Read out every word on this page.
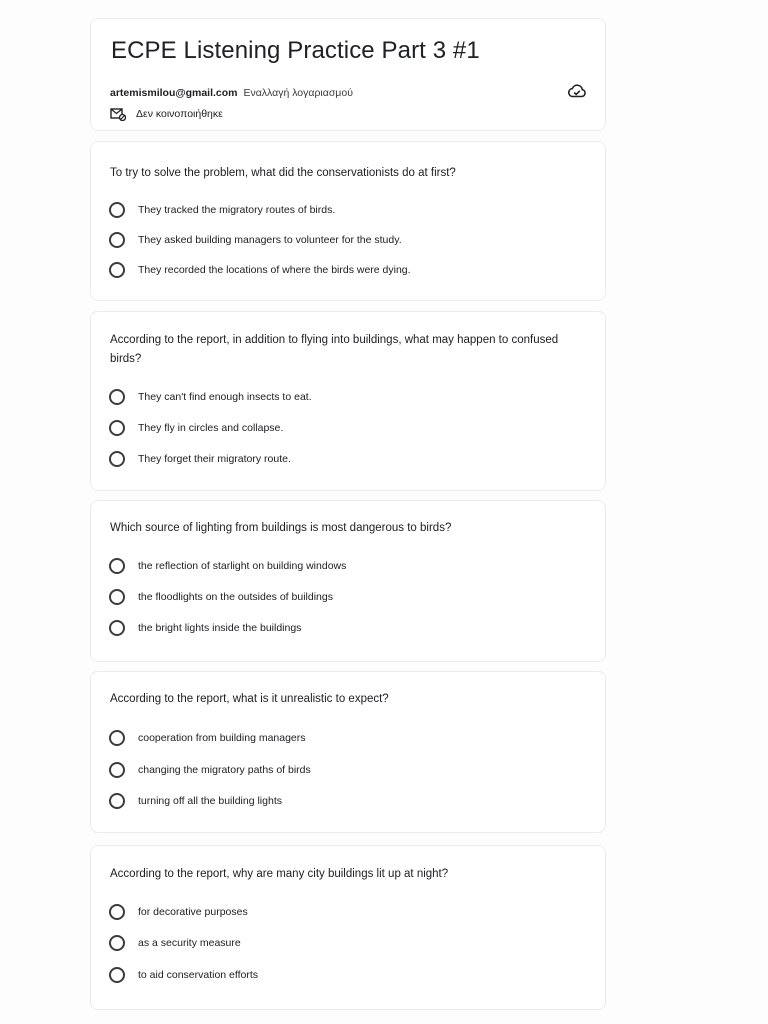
ECPE Listening Practice Part 3 #1
artemismilou@gmail.com Εναλλαγή λογαριασμού
Δεν κοινοποιήθηκε
To try to solve the problem, what did the conservationists do at first?
They tracked the migratory routes of birds.
They asked building managers to volunteer for the study.
They recorded the locations of where the birds were dying.
According to the report, in addition to flying into buildings, what may happen to confused birds?
They can't find enough insects to eat.
They fly in circles and collapse.
They forget their migratory route.
Which source of lighting from buildings is most dangerous to birds?
the reflection of starlight on building windows
the floodlights on the outsides of buildings
the bright lights inside the buildings
According to the report, what is it unrealistic to expect?
cooperation from building managers
changing the migratory paths of birds
turning off all the building lights
According to the report, why are many city buildings lit up at night?
for decorative purposes
as a security measure
to aid conservation efforts
